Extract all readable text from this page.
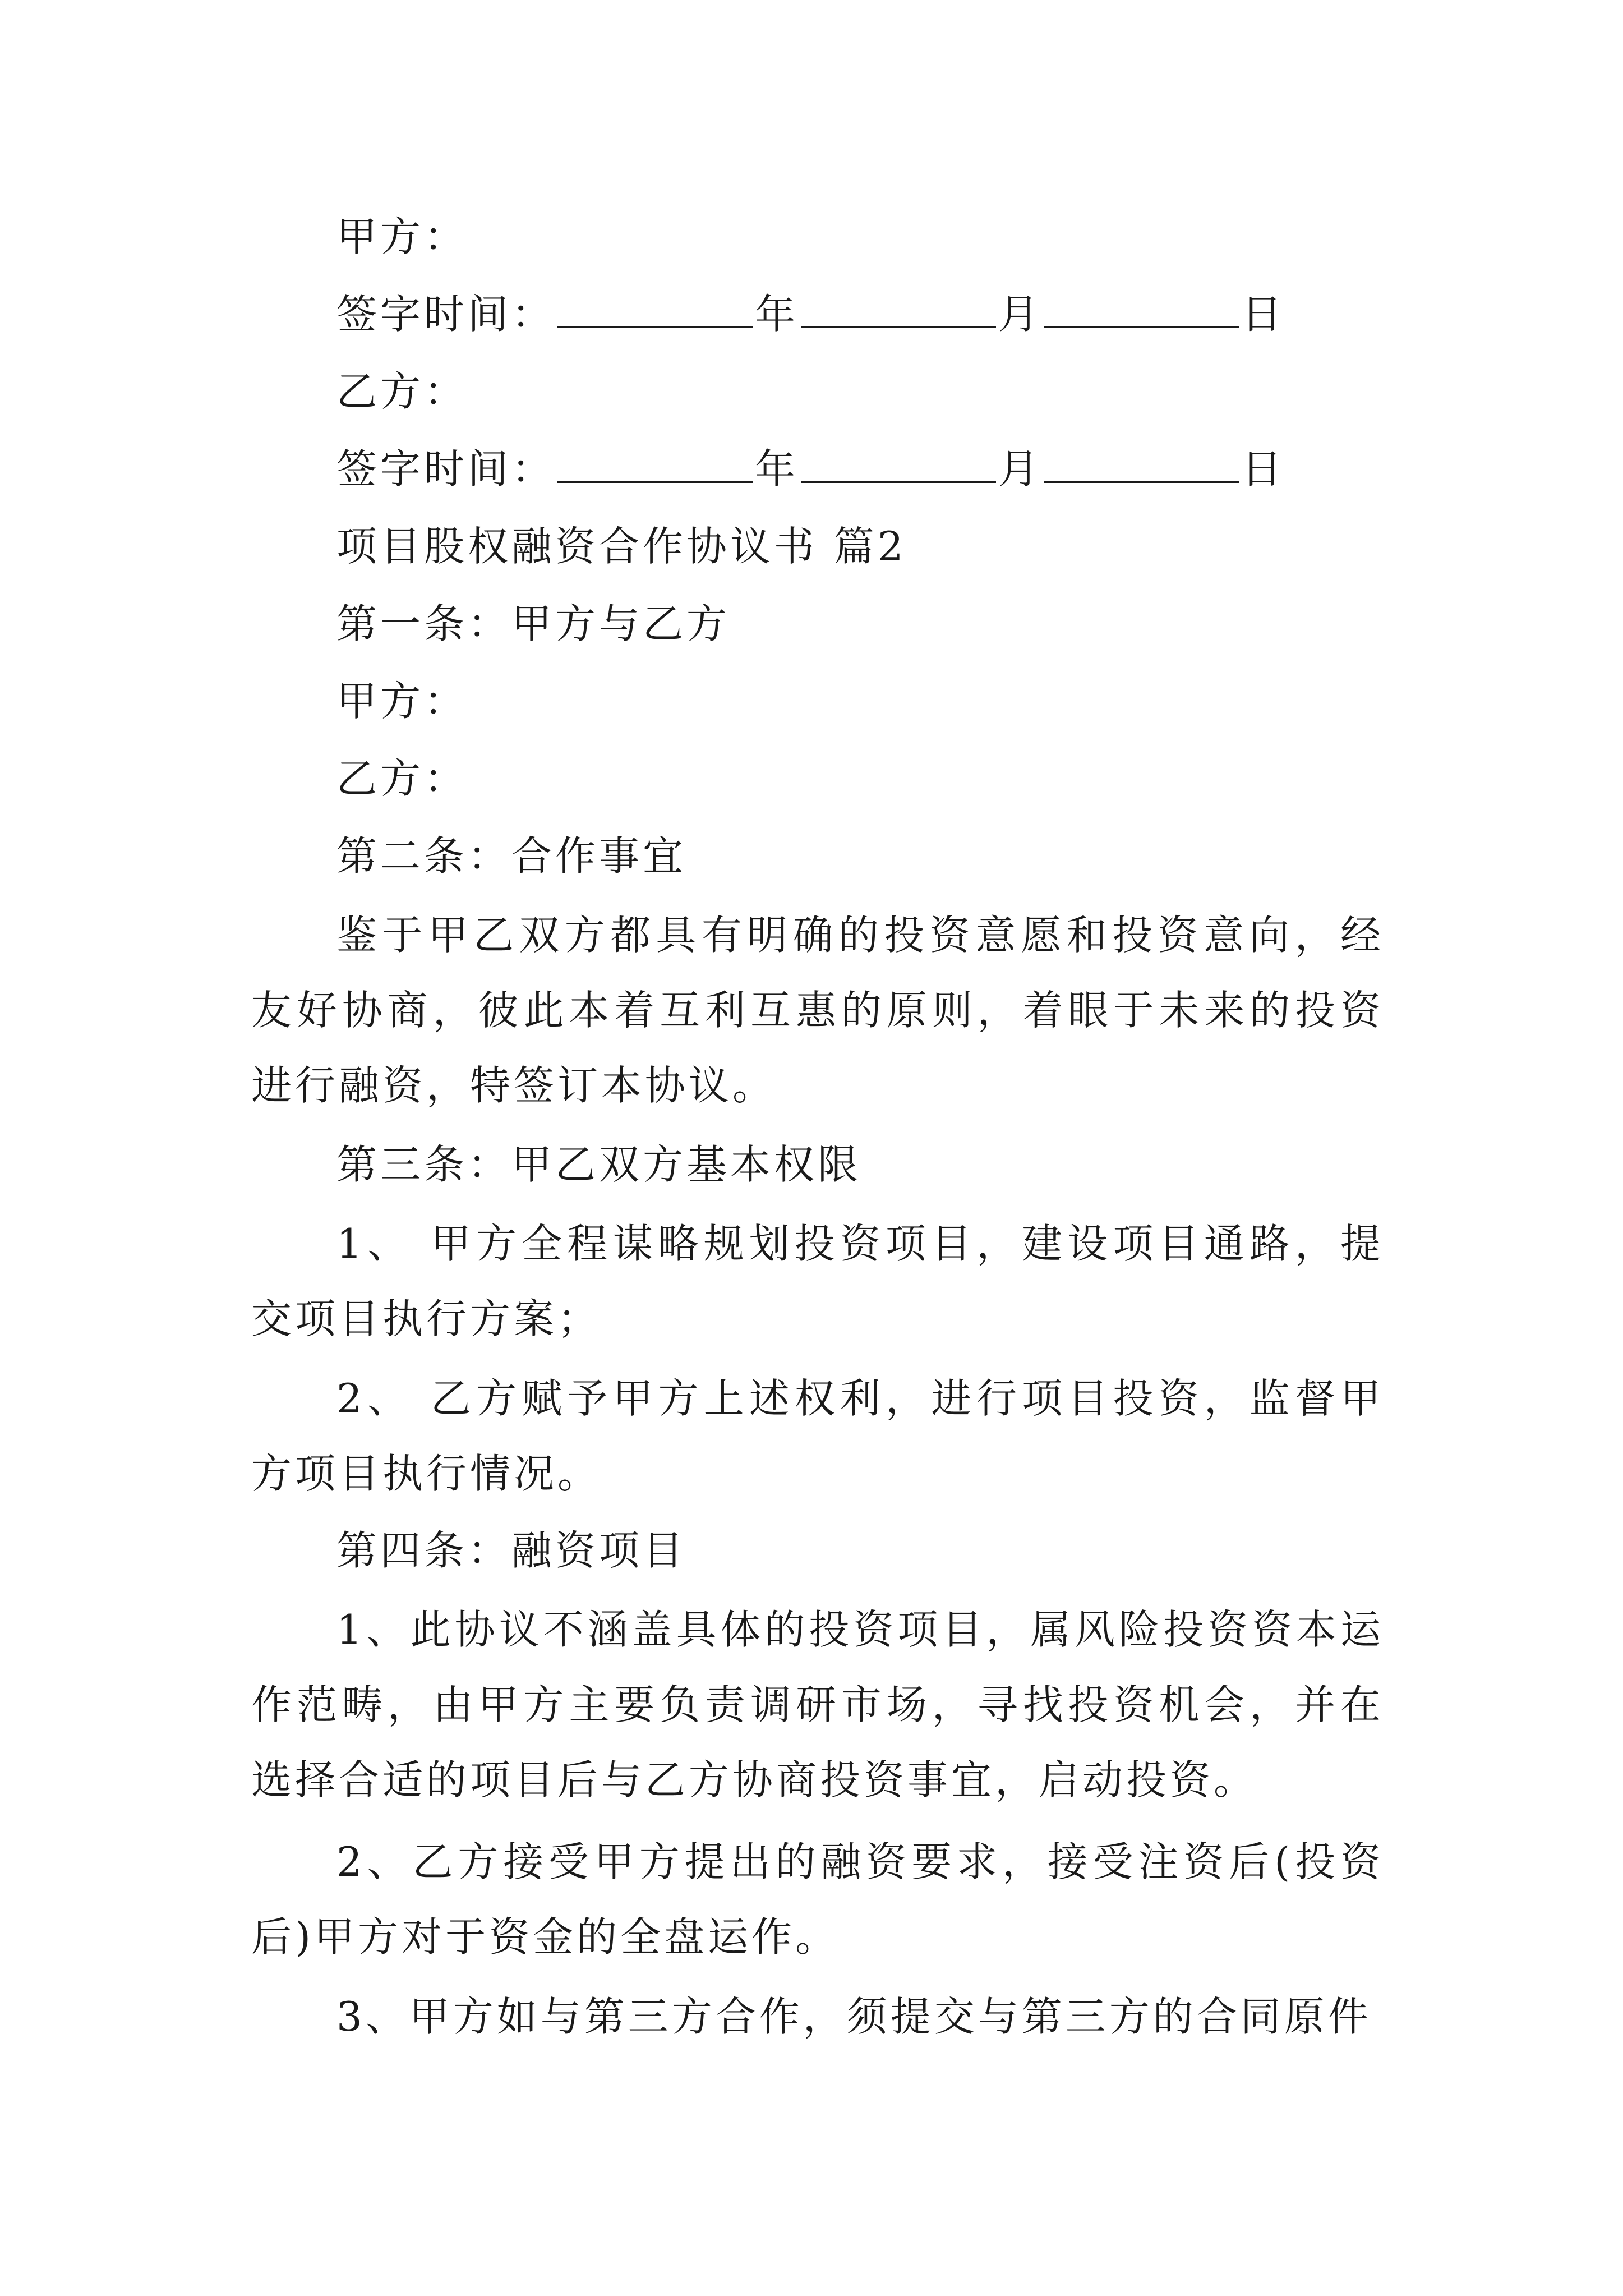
甲方：
签字时间：	年	月	日
乙方：
签字时间：	年	月	日
项目股权融资合作协议书 篇2
第一条：甲方与乙方
甲方：
乙方：
第二条：合作事宜
鉴于甲乙双方都具有明确的投资意愿和投资意向，经友好协商，彼此本着互利互惠的原则，着眼于未来的投资进行融资，特签订本协议。
第三条：甲乙双方基本权限
1、 甲方全程谋略规划投资项目，建设项目通路，提交项目执行方案；
2、 乙方赋予甲方上述权利，进行项目投资，监督甲方项目执行情况。
第四条：融资项目
1、此协议不涵盖具体的投资项目，属风险投资资本运作范畴，由甲方主要负责调研市场，寻找投资机会，并在选择合适的项目后与乙方协商投资事宜，启动投资。
2、乙方接受甲方提出的融资要求，接受注资后(投资后)甲方对于资金的全盘运作。
3、甲方如与第三方合作，须提交与第三方的合同原件
